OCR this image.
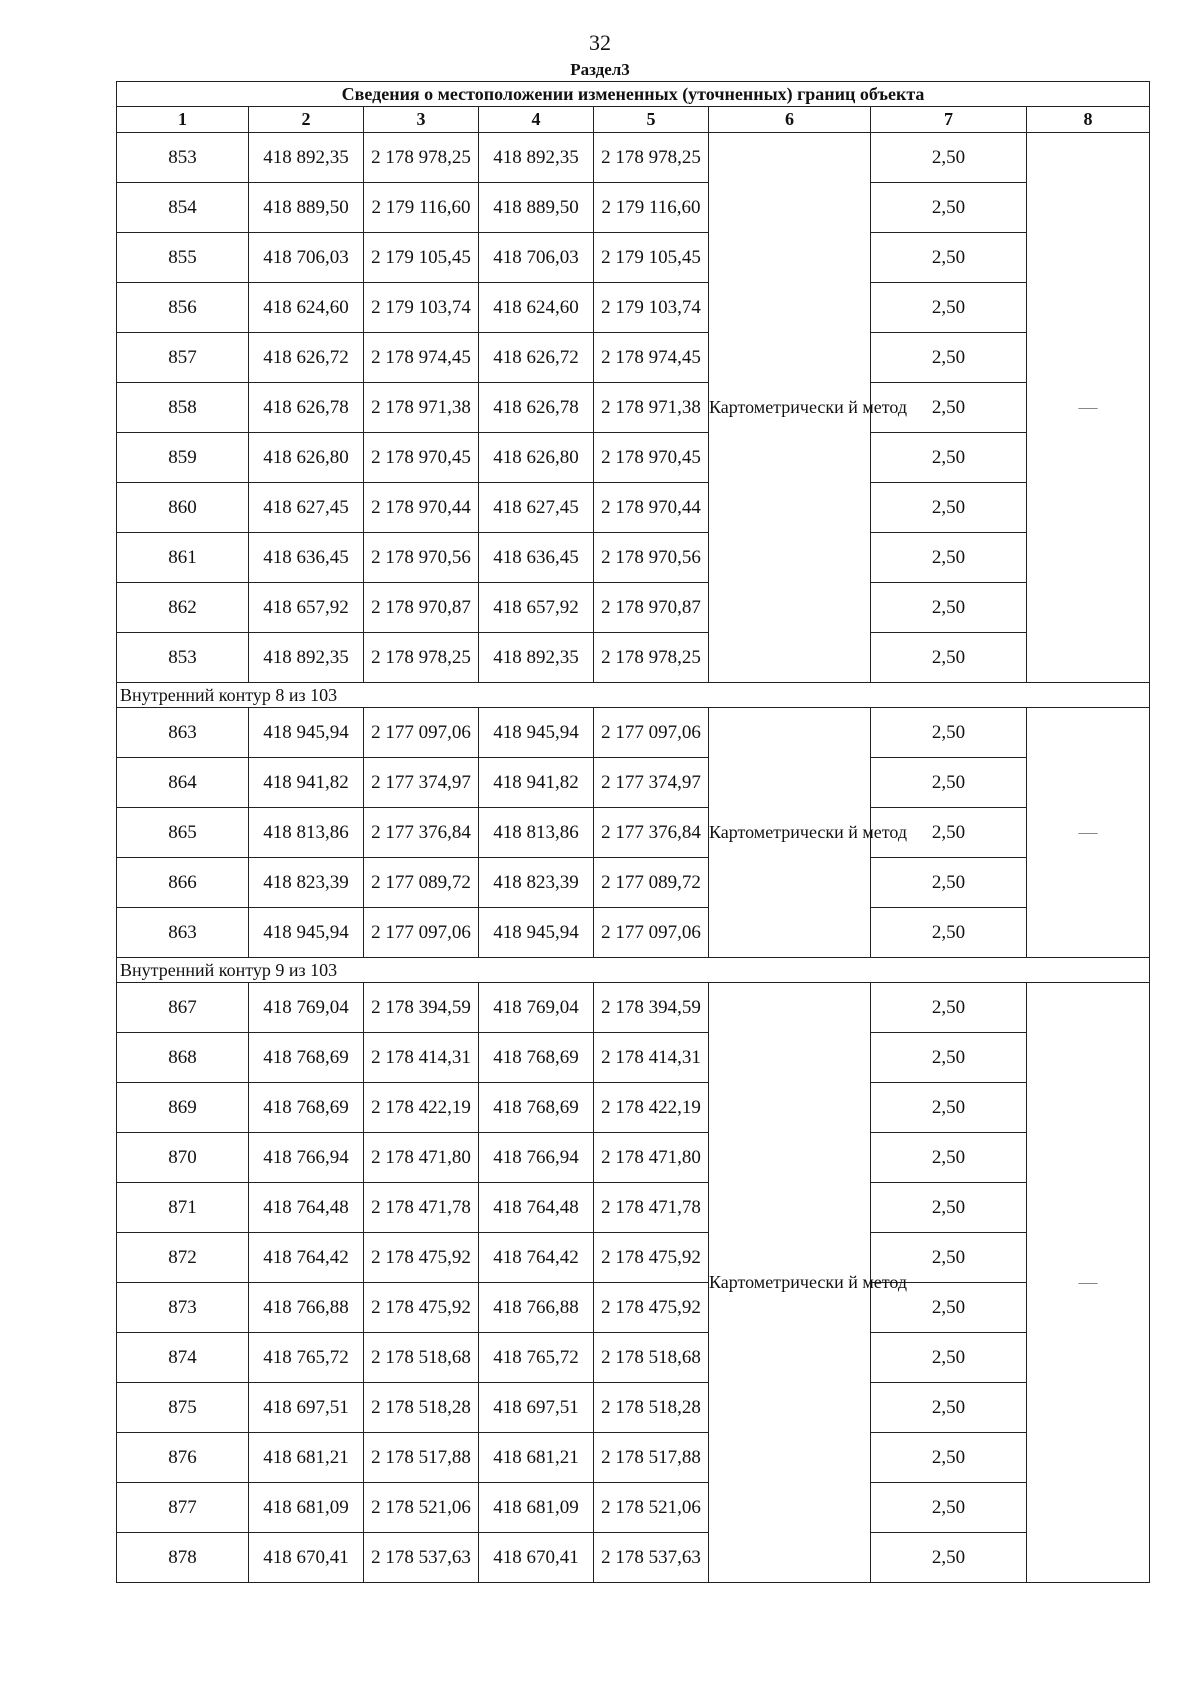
32
Раздел3
Сведения о местоположении измененных (уточненных) границ объекта							
1	2	3	4	5	6	7	8
853	418 892,35	2 178 978,25	418 892,35	2 178 978,25	Картометрически й метод	2,50	—
854	418 889,50	2 179 116,60	418 889,50	2 179 116,60		2,50	
855	418 706,03	2 179 105,45	418 706,03	2 179 105,45		2,50	
856	418 624,60	2 179 103,74	418 624,60	2 179 103,74		2,50	
857	418 626,72	2 178 974,45	418 626,72	2 178 974,45		2,50	
858	418 626,78	2 178 971,38	418 626,78	2 178 971,38		2,50	
859	418 626,80	2 178 970,45	418 626,80	2 178 970,45		2,50	
860	418 627,45	2 178 970,44	418 627,45	2 178 970,44		2,50	
861	418 636,45	2 178 970,56	418 636,45	2 178 970,56		2,50	
862	418 657,92	2 178 970,87	418 657,92	2 178 970,87		2,50	
853	418 892,35	2 178 978,25	418 892,35	2 178 978,25		2,50	
Внутренний контур 8 из 103							
863	418 945,94	2 177 097,06	418 945,94	2 177 097,06	Картометрически й метод	2,50	—
864	418 941,82	2 177 374,97	418 941,82	2 177 374,97		2,50	
865	418 813,86	2 177 376,84	418 813,86	2 177 376,84		2,50	
866	418 823,39	2 177 089,72	418 823,39	2 177 089,72		2,50	
863	418 945,94	2 177 097,06	418 945,94	2 177 097,06		2,50	
Внутренний контур 9 из 103							
867	418 769,04	2 178 394,59	418 769,04	2 178 394,59	Картометрически й метод	2,50	—
868	418 768,69	2 178 414,31	418 768,69	2 178 414,31		2,50	
869	418 768,69	2 178 422,19	418 768,69	2 178 422,19		2,50	
870	418 766,94	2 178 471,80	418 766,94	2 178 471,80		2,50	
871	418 764,48	2 178 471,78	418 764,48	2 178 471,78		2,50	
872	418 764,42	2 178 475,92	418 764,42	2 178 475,92		2,50	
873	418 766,88	2 178 475,92	418 766,88	2 178 475,92		2,50	
874	418 765,72	2 178 518,68	418 765,72	2 178 518,68		2,50	
875	418 697,51	2 178 518,28	418 697,51	2 178 518,28		2,50	
876	418 681,21	2 178 517,88	418 681,21	2 178 517,88		2,50	
877	418 681,09	2 178 521,06	418 681,09	2 178 521,06		2,50	
878	418 670,41	2 178 537,63	418 670,41	2 178 537,63		2,50	
